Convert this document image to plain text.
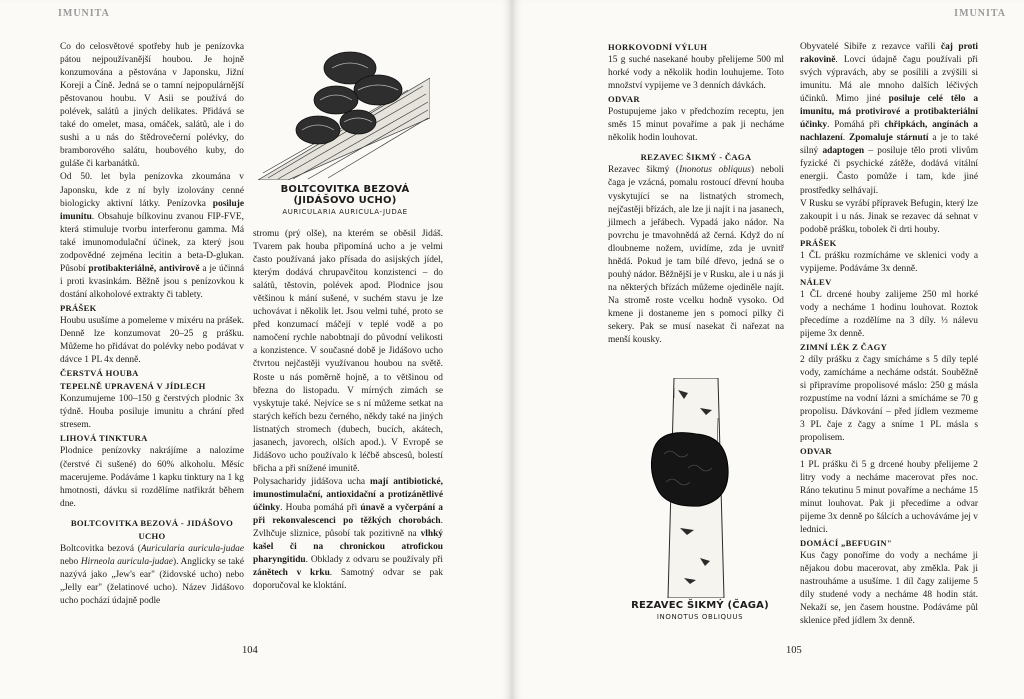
IMUNITA

Co do celosvětové spotřeby hub je penízovka pátou nejpoužívanější houbou. Je hojně konzumována a pěstována v Japonsku, Jižní Koreji a Číně. Jedná se o tamní nejpopulárnější pěstovanou houbu. V Asii se používá do polévek, salátů a jiných delikates. Přidává se také do omelet, masa, omáček, salátů, ale i do sushi a u nás do štědrovečerní polévky, do bramborového salátu, houbového kuby, do guláše či karbanátků.

Od 50. let byla penízovka zkoumána v Japonsku, kde z ní byly izolovány cenné biologicky aktivní látky. Penízovka posiluje imunitu. Obsahuje bílkovinu zvanou FIP-FVE, která stimuluje tvorbu interferonu gamma. Má také imunomodulační účinek, za který jsou zodpovědné zejména lecitin a beta-D-glukan. Působí protibakteriálně, antivirově a je účinná i proti kvasinkám. Běžně jsou s penízovkou k dostání alkoholové extrakty či tablety.

PRÁŠEK

Houbu usušíme a pomeleme v mixéru na prášek. Denně lze konzumovat 20–25 g prášku. Můžeme ho přidávat do polévky nebo podávat v dávce 1 PL 4x denně.

ČERSTVÁ HOUBA

TEPELNĚ UPRAVENÁ V JÍDLECH

Konzumujeme 100–150 g čerstvých plodnic 3x týdně. Houba posiluje imunitu a chrání před stresem.

LIHOVÁ TINKTURA

Plodnice penízovky nakrájíme a nalozíme (čerstvé či sušené) do 60% alkoholu. Měsíc macerujeme. Podáváme 1 kapku tinktury na 1 kg hmotnosti, dávku si rozdělíme natřikrát během dne.

BOLTCOVITKA BEZOVÁ - JIDÁŠOVO UCHO

Boltcovitka bezová (Auricularia auricula-judae nebo Hirneola auricula-judae). Anglicky se také nazývá jako „Jew's ear" (židovské ucho) nebo „Jelly ear" (želatinové ucho). Název Jidášovo ucho pochází údajně podle

BOLTCOVITKA BEZOVÁ (JIDÁŠOVO UCHO)
AURICULARIA AURICULA-JUDAE

stromu (prý olše), na kterém se oběsil Jidáš. Tvarem pak houba připomíná ucho a je velmi často používaná jako přísada do asijských jídel, kterým dodává chrupavčitou konzistenci – do salátů, těstovin, polévek apod. Plodnice jsou většinou k mání sušené, v suchém stavu je lze uchovávat i několik let. Jsou velmi tuhé, proto se před konzumací máčejí v teplé vodě a po namočení rychle nabobtnají do původní velikosti a konzistence. V současné době je Jidášovo ucho čtvrtou nejčastěji využívanou houbou na světě. Roste u nás poměrně hojně, a to většinou od března do listopadu. V mírných zimách se vyskytuje také. Nejvíce se s ní můžeme setkat na starých keřích bezu černého, někdy také na jiných listnatých stromech (dubech, bucích, akátech, jasanech, javorech, olších apod.). V Evropě se Jidášovo ucho používalo k léčbě abscesů, bolestí břicha a při snížené imunitě.

Polysacharidy jidášova ucha mají antibiotické, imunostimulační, antioxidační a protizánětlivé účinky. Houba pomáhá při únavě a vyčerpání a při rekonvalescenci po těžkých chorobách. Zvlhčuje sliznice, působí tak pozitivně na vlhký kašel či na chronickou atrofickou pharyngitidu. Obklady z odvaru se používaly při zánětech v krku. Samotný odvar se pak doporučoval ke kloktání.

104
IMUNITA

HORKOVODNÍ VÝLUH

15 g suché nasekané houby přelijeme 500 ml horké vody a několik hodin louhujeme. Toto množství vypijeme ve 3 denních dávkách.

ODVAR

Postupujeme jako v předchozím receptu, jen směs 15 minut povaříme a pak ji necháme několik hodin louhovat.

REZAVEC ŠIKMÝ - ČAGA

Rezavec šikmý (Inonotus obliquus) neboli čaga je vzácná, pomalu rostoucí dřevní houba vyskytující se na listnatých stromech, nejčastěji břízách, ale lze ji najít i na jasanech, jilmech a jeřábech. Vypadá jako nádor. Na povrchu je tmavohnědá až černá. Když do ní dloubneme nožem, uvidíme, zda je uvnitř hnědá. Pokud je tam bílé dřevo, jedná se o pouhý nádor. Běžnější je v Rusku, ale i u nás ji na některých břízách můžeme ojediněle najít. Na stromě roste vcelku hodně vysoko. Od kmene ji dostaneme jen s pomocí pilky či sekery. Pak se musí nasekat či nařezat na menší kousky.

REZAVEC ŠIKMÝ (ČAGA)
INONOTUS OBLIQUUS

Obyvatelé Sibiře z rezavce vařili čaj proti rakovině. Lovci údajně čagu používali při svých výpravách, aby se posílili a zvýšili si imunitu. Má ale mnoho dalších léčivých účinků. Mimo jiné posiluje celé tělo a imunitu, má protivirové a protibakteriální účinky. Pomáhá při chřipkách, angínách a nachlazení. Zpomaluje stárnutí a je to také silný adaptogen – posiluje tělo proti vlivům fyzické či psychické zátěže, dodává vitální energii. Často pomůže i tam, kde jiné prostředky selhávají.

V Rusku se vyrábí přípravek Befugin, který lze zakoupit i u nás. Jinak se rezavec dá sehnat v podobě prášku, tobolek či drti houby.

PRÁŠEK

1 ČL prášku rozmícháme ve sklenici vody a vypijeme. Podáváme 3x denně.

NÁLEV

1 ČL drcené houby zalijeme 250 ml horké vody a necháme 1 hodinu louhovat. Roztok přecedíme a rozdělíme na 3 díly. ⅓ nálevu pijeme 3x denně.

ZIMNÍ LÉK Z ČAGY

2 díly prášku z čagy smícháme s 5 díly teplé vody, zamícháme a necháme odstát. Souběžně si připravíme propolisové máslo: 250 g másla rozpustíme na vodní lázni a smícháme se 70 g propolisu. Dávkování – před jídlem vezmeme 3 PL čaje z čagy a sníme 1 PL másla s propolisem.

ODVAR

1 PL prášku či 5 g drcené houby přelijeme 2 litry vody a necháme macerovat přes noc. Ráno tekutinu 5 minut povaříme a necháme 15 minut louhovat. Pak ji přecedíme a odvar pijeme 3x denně po šálcích a uchováváme jej v lednici.

DOMÁCÍ „BEFUGIN"

Kus čagy ponoříme do vody a necháme ji nějakou dobu macerovat, aby změkla. Pak ji nastrouháme a usušíme. 1 díl čagy zalijeme 5 díly studené vody a necháme 48 hodin stát. Nekaží se, jen časem houstne. Podáváme půl sklenice před jídlem 3x denně.

105
